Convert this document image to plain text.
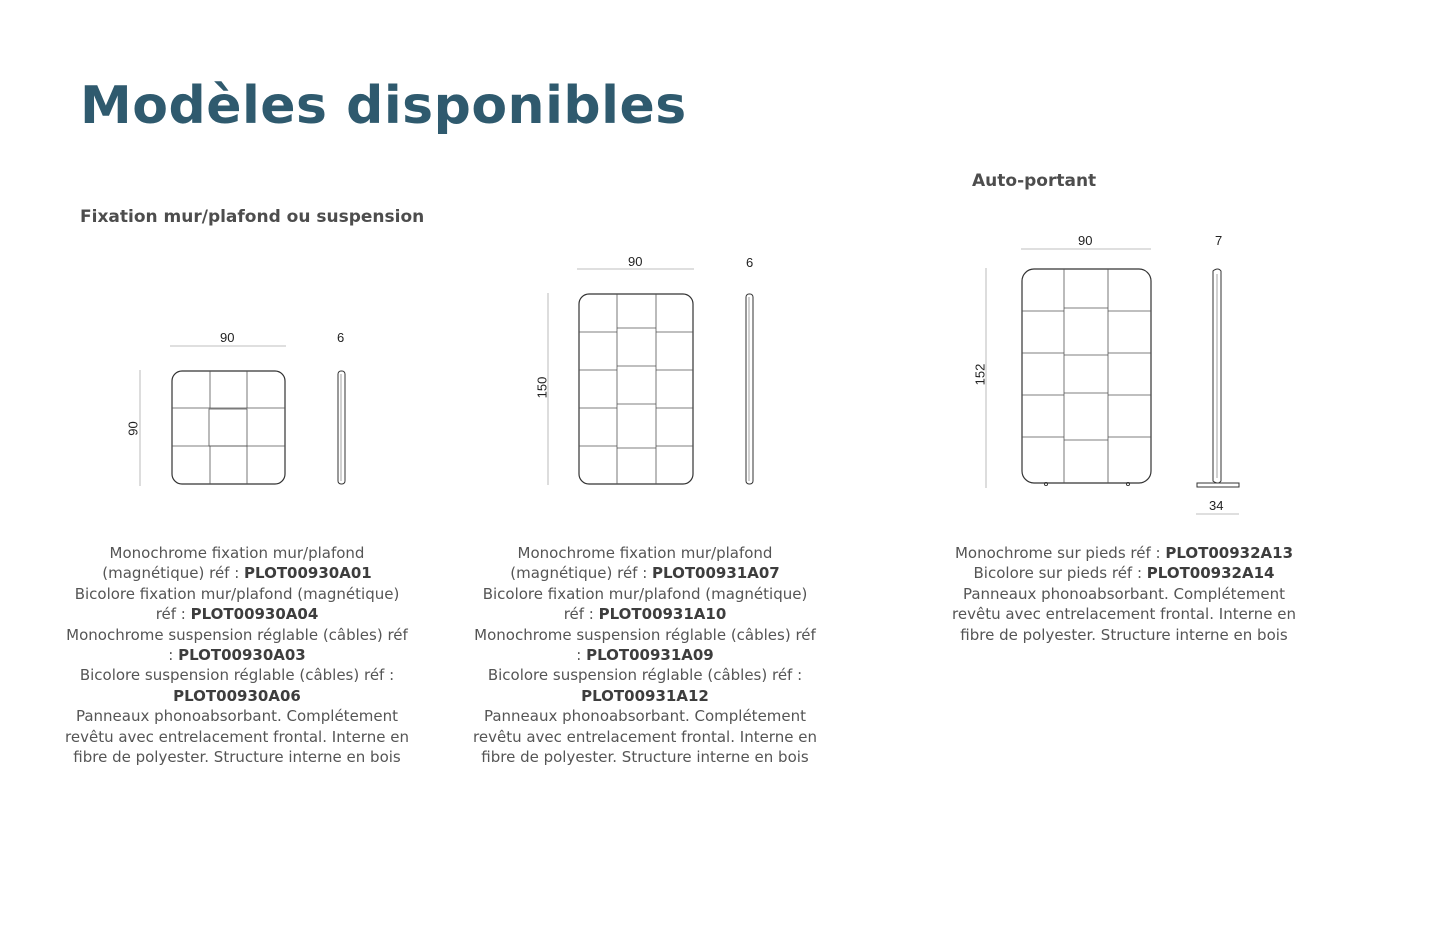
Modèles disponibles
Fixation mur/plafond ou suspension
Auto-portant
90	6
90
90	6
150
90	7
34
152
Monochrome fixation mur/plafond
(magnétique) réf : PLOT00930A01
Bicolore fixation mur/plafond (magnétique)
réf : PLOT00930A04
Monochrome suspension réglable (câbles) réf
: PLOT00930A03
Bicolore suspension réglable (câbles) réf :
PLOT00930A06
Panneaux phonoabsorbant. Complétement
revêtu avec entrelacement frontal. Interne en
fibre de polyester. Structure interne en bois
Monochrome fixation mur/plafond
(magnétique) réf : PLOT00931A07
Bicolore fixation mur/plafond (magnétique)
réf : PLOT00931A10
Monochrome suspension réglable (câbles) réf
: PLOT00931A09
Bicolore suspension réglable (câbles) réf :
PLOT00931A12
Panneaux phonoabsorbant. Complétement
revêtu avec entrelacement frontal. Interne en
fibre de polyester. Structure interne en bois
Monochrome sur pieds réf : PLOT00932A13
Bicolore sur pieds réf : PLOT00932A14
Panneaux phonoabsorbant. Complétement
revêtu avec entrelacement frontal. Interne en
fibre de polyester. Structure interne en bois
